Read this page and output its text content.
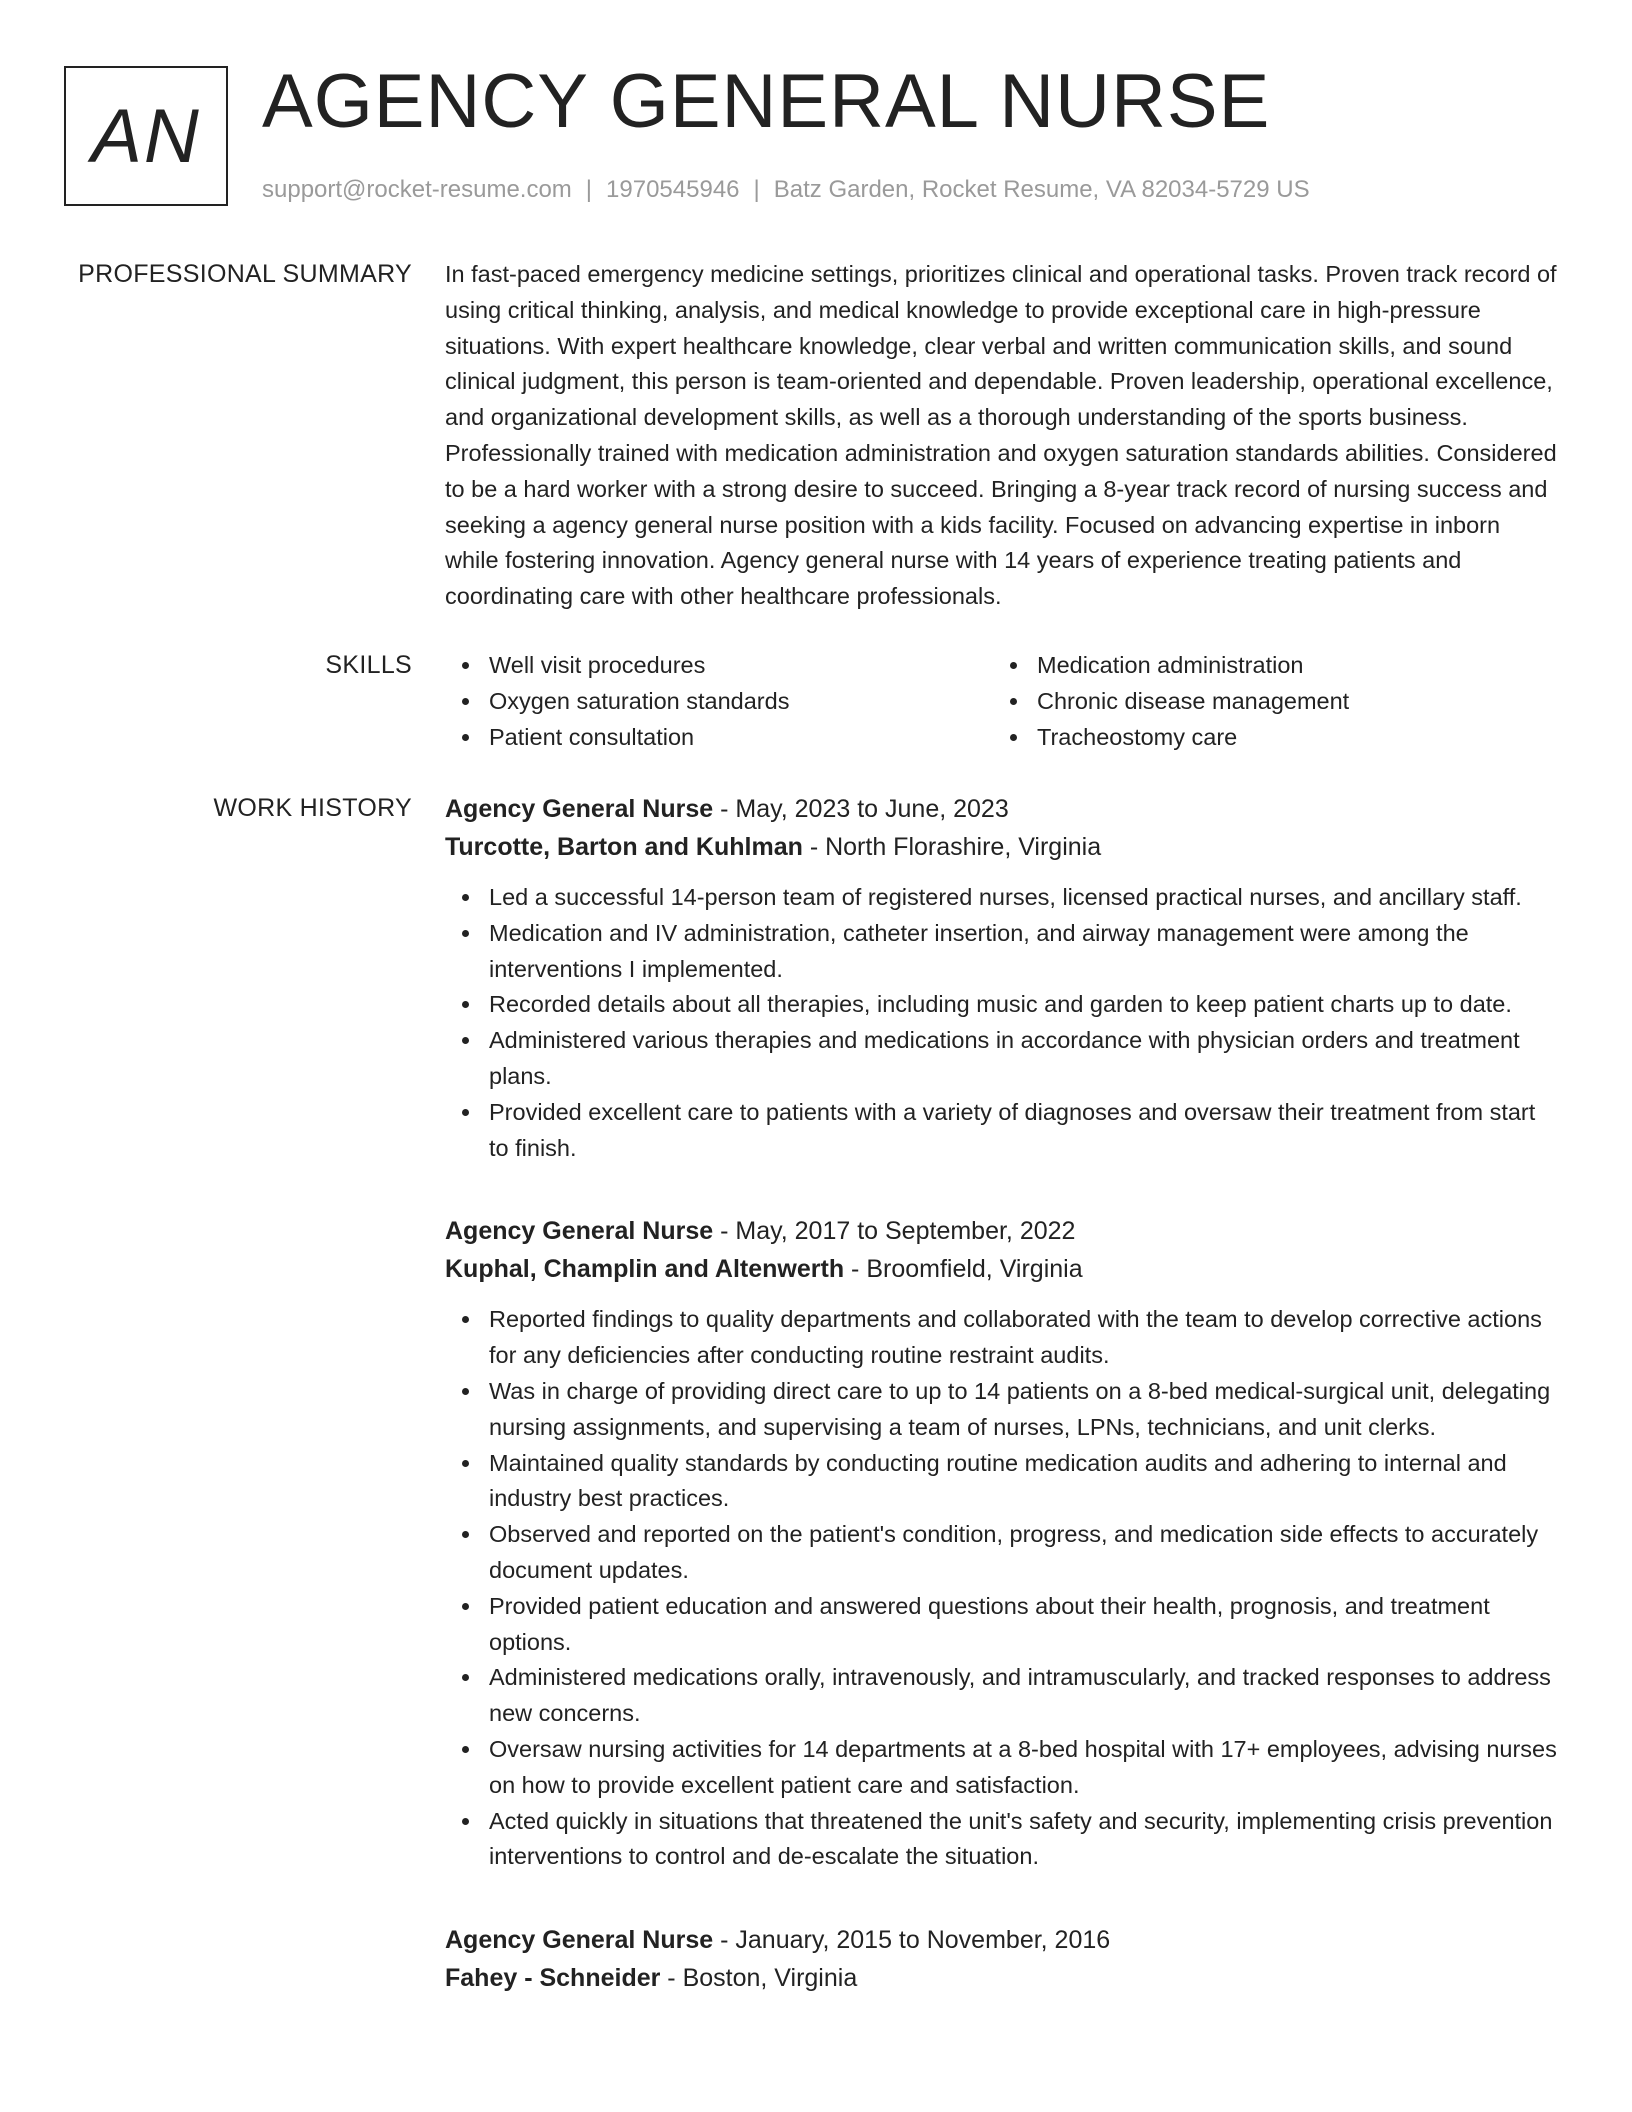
AN AGENCY GENERAL NURSE
support@rocket-resume.com | 1970545946 | Batz Garden, Rocket Resume, VA 82034-5729 US
PROFESSIONAL SUMMARY In fast-paced emergency medicine settings, prioritizes clinical and operational tasks. Proven track record of using critical thinking, analysis, and medical knowledge to provide exceptional care in high-pressure situations. With expert healthcare knowledge, clear verbal and written communication skills, and sound clinical judgment, this person is team-oriented and dependable. Proven leadership, operational excellence, and organizational development skills, as well as a thorough understanding of the sports business. Professionally trained with medication administration and oxygen saturation standards abilities. Considered to be a hard worker with a strong desire to succeed. Bringing a 8-year track record of nursing success and seeking a agency general nurse position with a kids facility. Focused on advancing expertise in inborn while fostering innovation. Agency general nurse with 14 years of experience treating patients and coordinating care with other healthcare professionals.

SKILLS	Well visit procedures
Oxygen saturation standards
Patient consultation
Medication administration
Chronic disease management
Tracheostomy care
WORK HISTORY Agency General Nurse - May, 2023 to June, 2023
Turcotte, Barton and Kuhlman - North Florashire, Virginia
Led a successful 14-person team of registered nurses, licensed practical nurses, and ancillary staff.
Medication and IV administration, catheter insertion, and airway management were among the interventions I implemented.
Recorded details about all therapies, including music and garden to keep patient charts up to date.
Administered various therapies and medications in accordance with physician orders and treatment plans.
Provided excellent care to patients with a variety of diagnoses and oversaw their treatment from start to finish.
Agency General Nurse - May, 2017 to September, 2022
Kuphal, Champlin and Altenwerth - Broomfield, Virginia
Reported findings to quality departments and collaborated with the team to develop corrective actions for any deficiencies after conducting routine restraint audits.
Was in charge of providing direct care to up to 14 patients on a 8-bed medical-surgical unit, delegating nursing assignments, and supervising a team of nurses, LPNs, technicians, and unit clerks.
Maintained quality standards by conducting routine medication audits and adhering to internal and industry best practices.
Observed and reported on the patient's condition, progress, and medication side effects to accurately document updates.
Provided patient education and answered questions about their health, prognosis, and treatment options.
Administered medications orally, intravenously, and intramuscularly, and tracked responses to address new concerns.
Oversaw nursing activities for 14 departments at a 8-bed hospital with 17+ employees, advising nurses on how to provide excellent patient care and satisfaction.
Acted quickly in situations that threatened the unit's safety and security, implementing crisis prevention interventions to control and de-escalate the situation.
Agency General Nurse - January, 2015 to November, 2016
Fahey - Schneider - Boston, Virginia
